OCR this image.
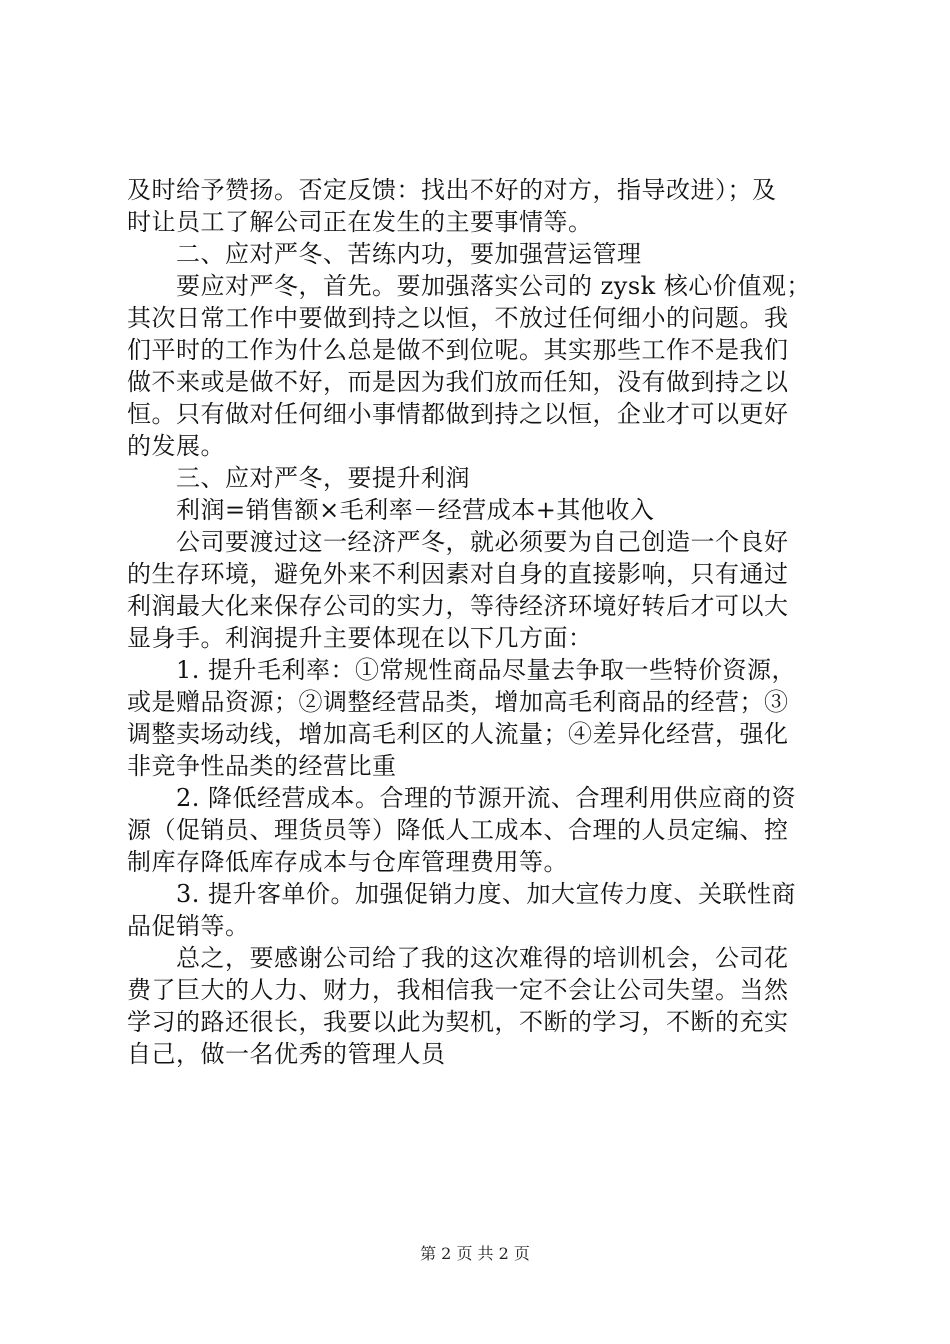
及时给予赞扬。否定反馈：找出不好的对方，指导改进）；及
时让员工了解公司正在发生的主要事情等。
二、应对严冬、苦练内功，要加强营运管理
要应对严冬，首先。要加强落实公司的 zysk 核心价值观；
其次日常工作中要做到持之以恒，不放过任何细小的问题。我
们平时的工作为什么总是做不到位呢。其实那些工作不是我们
做不来或是做不好，而是因为我们放而任知，没有做到持之以
恒。只有做对任何细小事情都做到持之以恒，企业才可以更好
的发展。
三、应对严冬，要提升利润
利润=销售额×毛利率－经营成本+其他收入
公司要渡过这一经济严冬，就必须要为自己创造一个良好
的生存环境，避免外来不利因素对自身的直接影响，只有通过
利润最大化来保存公司的实力，等待经济环境好转后才可以大
显身手。利润提升主要体现在以下几方面：
1. 提升毛利率：①常规性商品尽量去争取一些特价资源，
或是赠品资源；②调整经营品类，增加高毛利商品的经营；③
调整卖场动线，增加高毛利区的人流量；④差异化经营，强化
非竞争性品类的经营比重
2. 降低经营成本。合理的节源开流、合理利用供应商的资
源（促销员、理货员等）降低人工成本、合理的人员定编、控
制库存降低库存成本与仓库管理费用等。
3. 提升客单价。加强促销力度、加大宣传力度、关联性商
品促销等。
总之，要感谢公司给了我的这次难得的培训机会，公司花
费了巨大的人力、财力，我相信我一定不会让公司失望。当然
学习的路还很长，我要以此为契机，不断的学习，不断的充实
自己，做一名优秀的管理人员
第 2 页 共 2 页
